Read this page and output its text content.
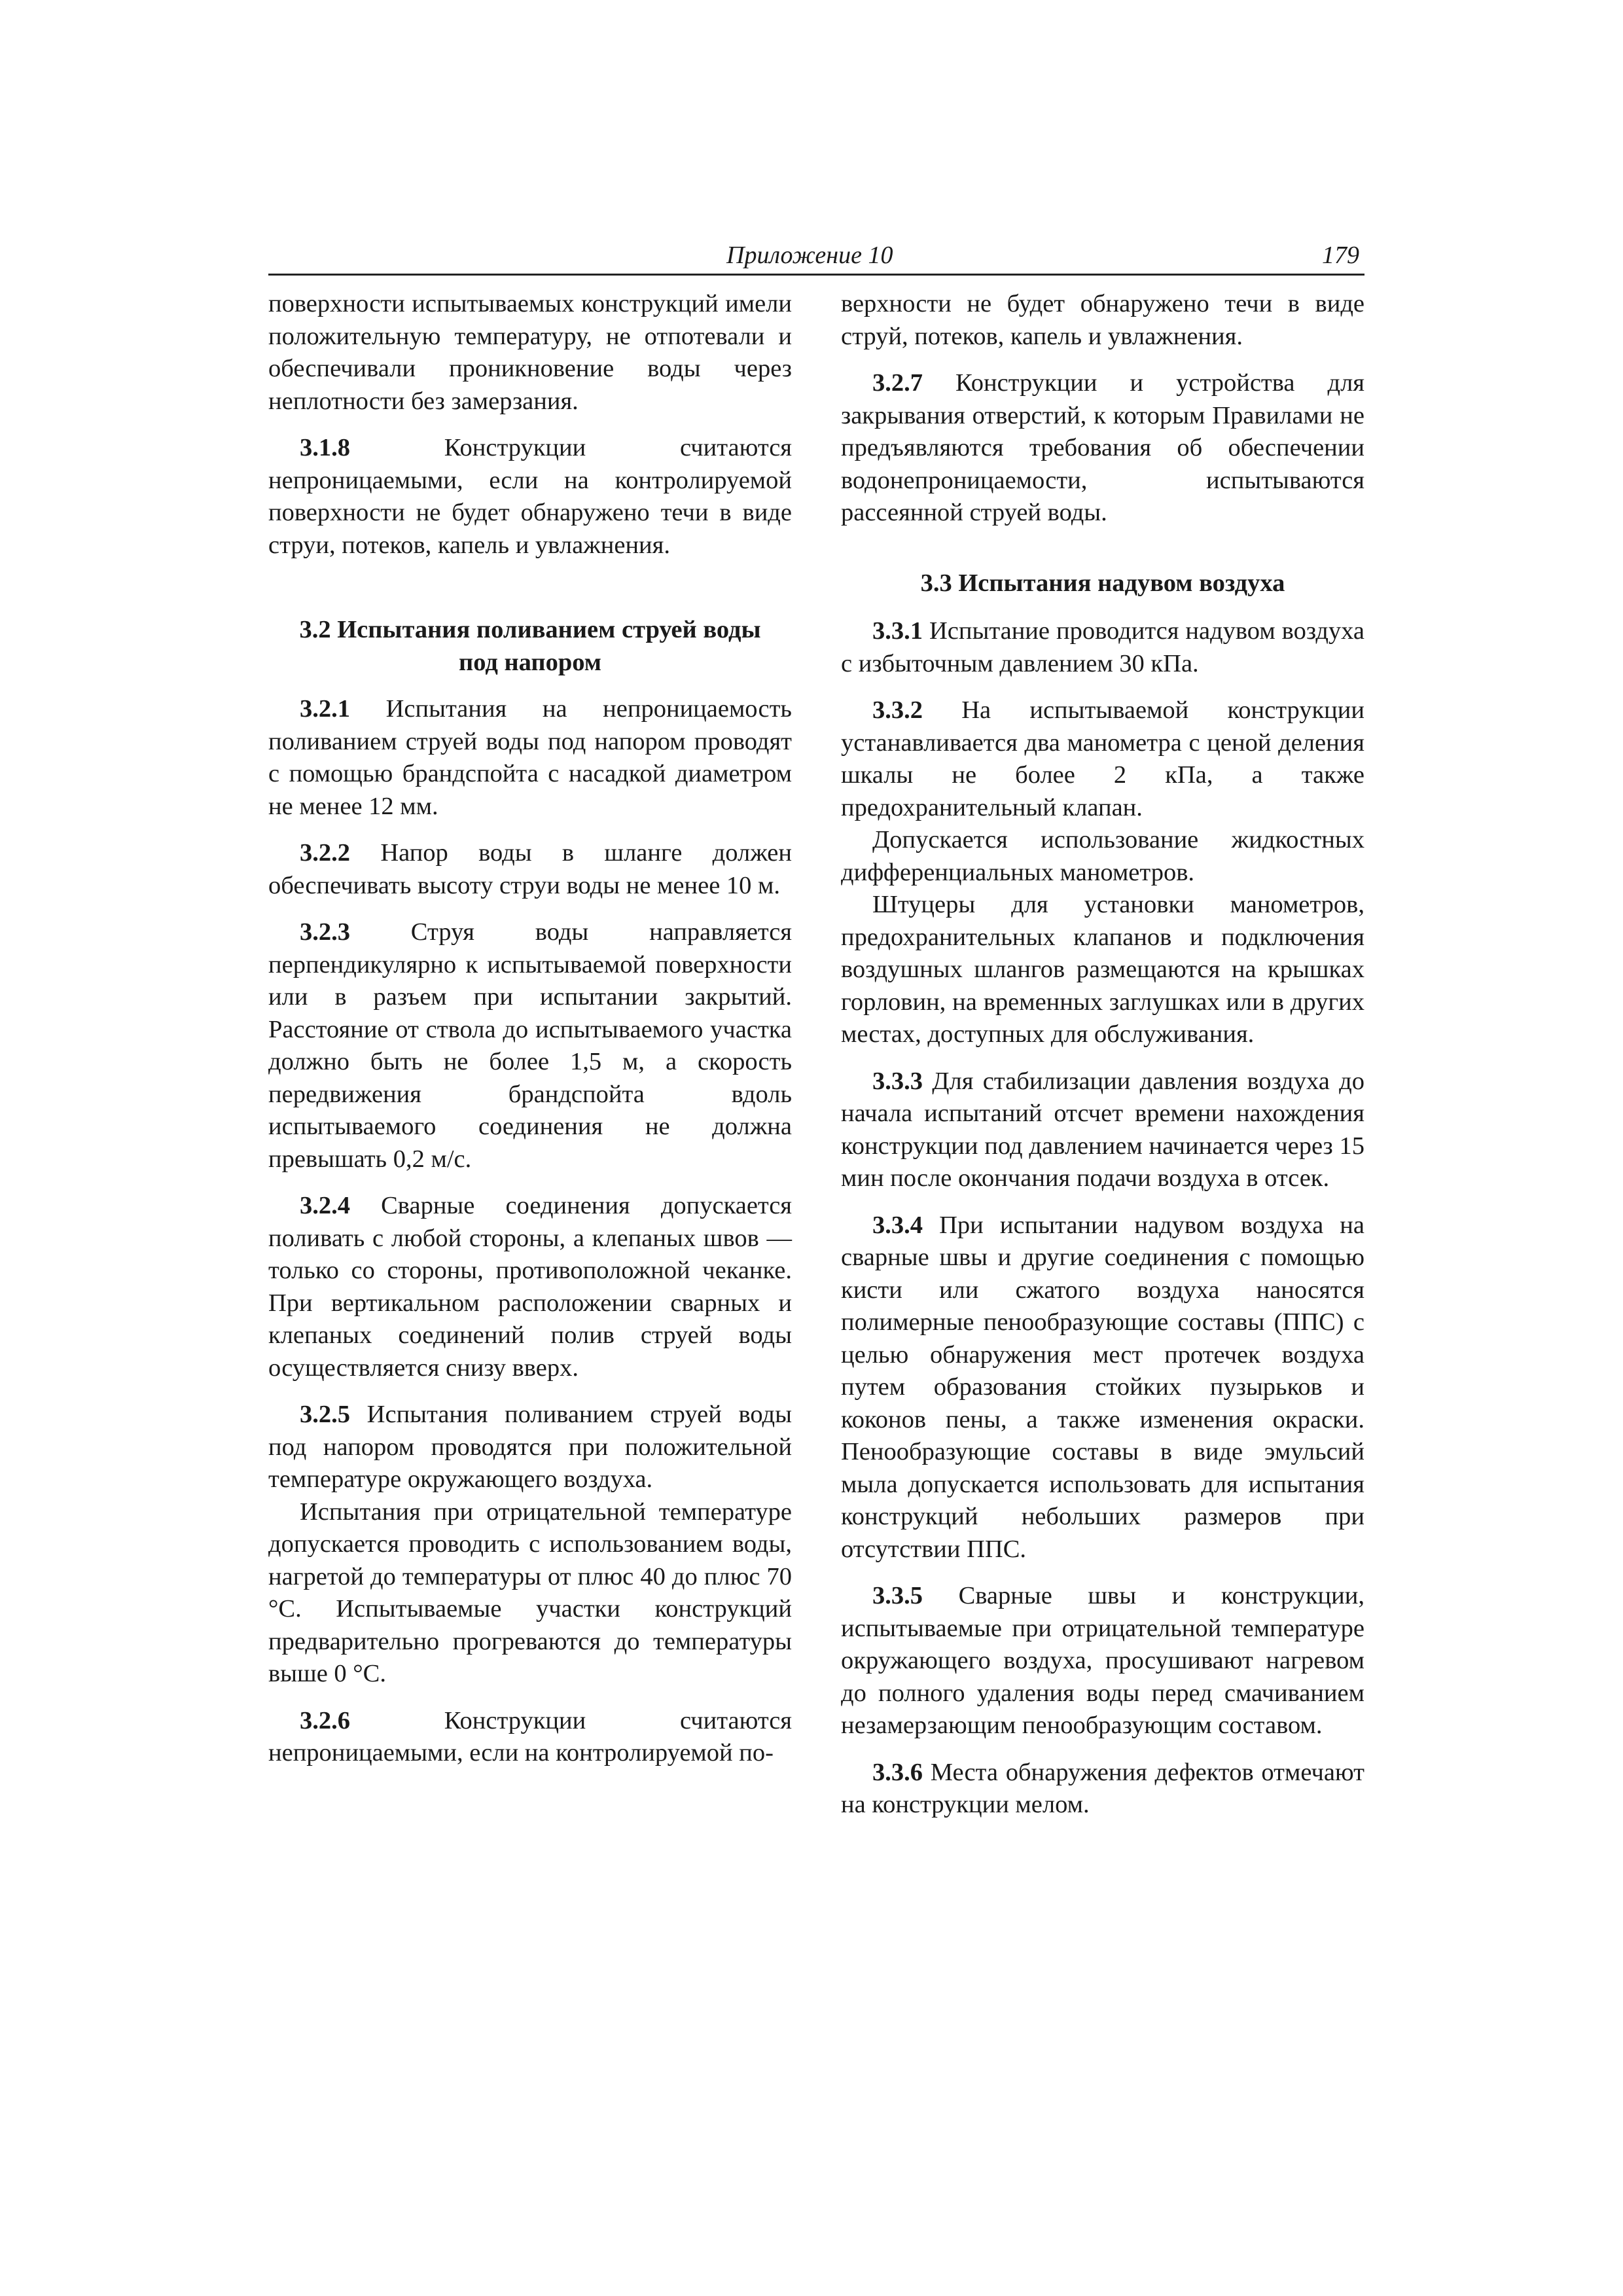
Приложение 10	179

поверхности испытываемых конструкций имели положительную температуру, не отпотевали и обеспечивали проникновение воды через неплотности без замерзания.

3.1.8 Конструкции считаются непроницаемыми, если на контролируемой поверхности не будет обнаружено течи в виде струи, потеков, капель и увлажнения.

3.2 Испытания поливанием струей воды
под напором

3.2.1 Испытания на непроницаемость поливанием струей воды под напором проводят с помощью брандспойта с насадкой диаметром не менее 12 мм.

3.2.2 Напор воды в шланге должен обеспечивать высоту струи воды не менее 10 м.

3.2.3 Струя воды направляется перпендикулярно к испытываемой поверхности или в разъем при испытании закрытий. Расстояние от ствола до испытываемого участка должно быть не более 1,5 м, а скорость передвижения брандспойта вдоль испытываемого соединения не должна превышать 0,2 м/с.

3.2.4 Сварные соединения допускается поливать с любой стороны, а клепаных швов — только со стороны, противоположной чеканке. При вертикальном расположении сварных и клепаных соединений полив струей воды осуществляется снизу вверх.

3.2.5 Испытания поливанием струей воды под напором проводятся при положительной температуре окружающего воздуха.

Испытания при отрицательной температуре допускается проводить с использованием воды, нагретой до температуры от плюс 40 до плюс 70 °С. Испытываемые участки конструкций предварительно прогреваются до температуры выше 0 °С.

3.2.6 Конструкции считаются непроницаемыми, если на контролируемой по-

верхности не будет обнаружено течи в виде струй, потеков, капель и увлажнения.

3.2.7 Конструкции и устройства для закрывания отверстий, к которым Правилами не предъявляются требования об обеспечении водонепроницаемости, испытываются рассеянной струей воды.

3.3 Испытания надувом воздуха

3.3.1 Испытание проводится надувом воздуха с избыточным давлением 30 кПа.

3.3.2 На испытываемой конструкции устанавливается два манометра с ценой деления шкалы не более 2 кПа, а также предохранительный клапан.

Допускается использование жидкостных дифференциальных манометров.

Штуцеры для установки манометров, предохранительных клапанов и подключения воздушных шлангов размещаются на крышках горловин, на временных заглушках или в других местах, доступных для обслуживания.

3.3.3 Для стабилизации давления воздуха до начала испытаний отсчет времени нахождения конструкции под давлением начинается через 15 мин после окончания подачи воздуха в отсек.

3.3.4 При испытании надувом воздуха на сварные швы и другие соединения с помощью кисти или сжатого воздуха наносятся полимерные пенообразующие составы (ППС) с целью обнаружения мест протечек воздуха путем образования стойких пузырьков и коконов пены, а также изменения окраски. Пенообразующие составы в виде эмульсий мыла допускается использовать для испытания конструкций небольших размеров при отсутствии ППС.

3.3.5 Сварные швы и конструкции, испытываемые при отрицательной температуре окружающего воздуха, просушивают нагревом до полного удаления воды перед смачиванием незамерзающим пенообразующим составом.

3.3.6 Места обнаружения дефектов отмечают на конструкции мелом.
